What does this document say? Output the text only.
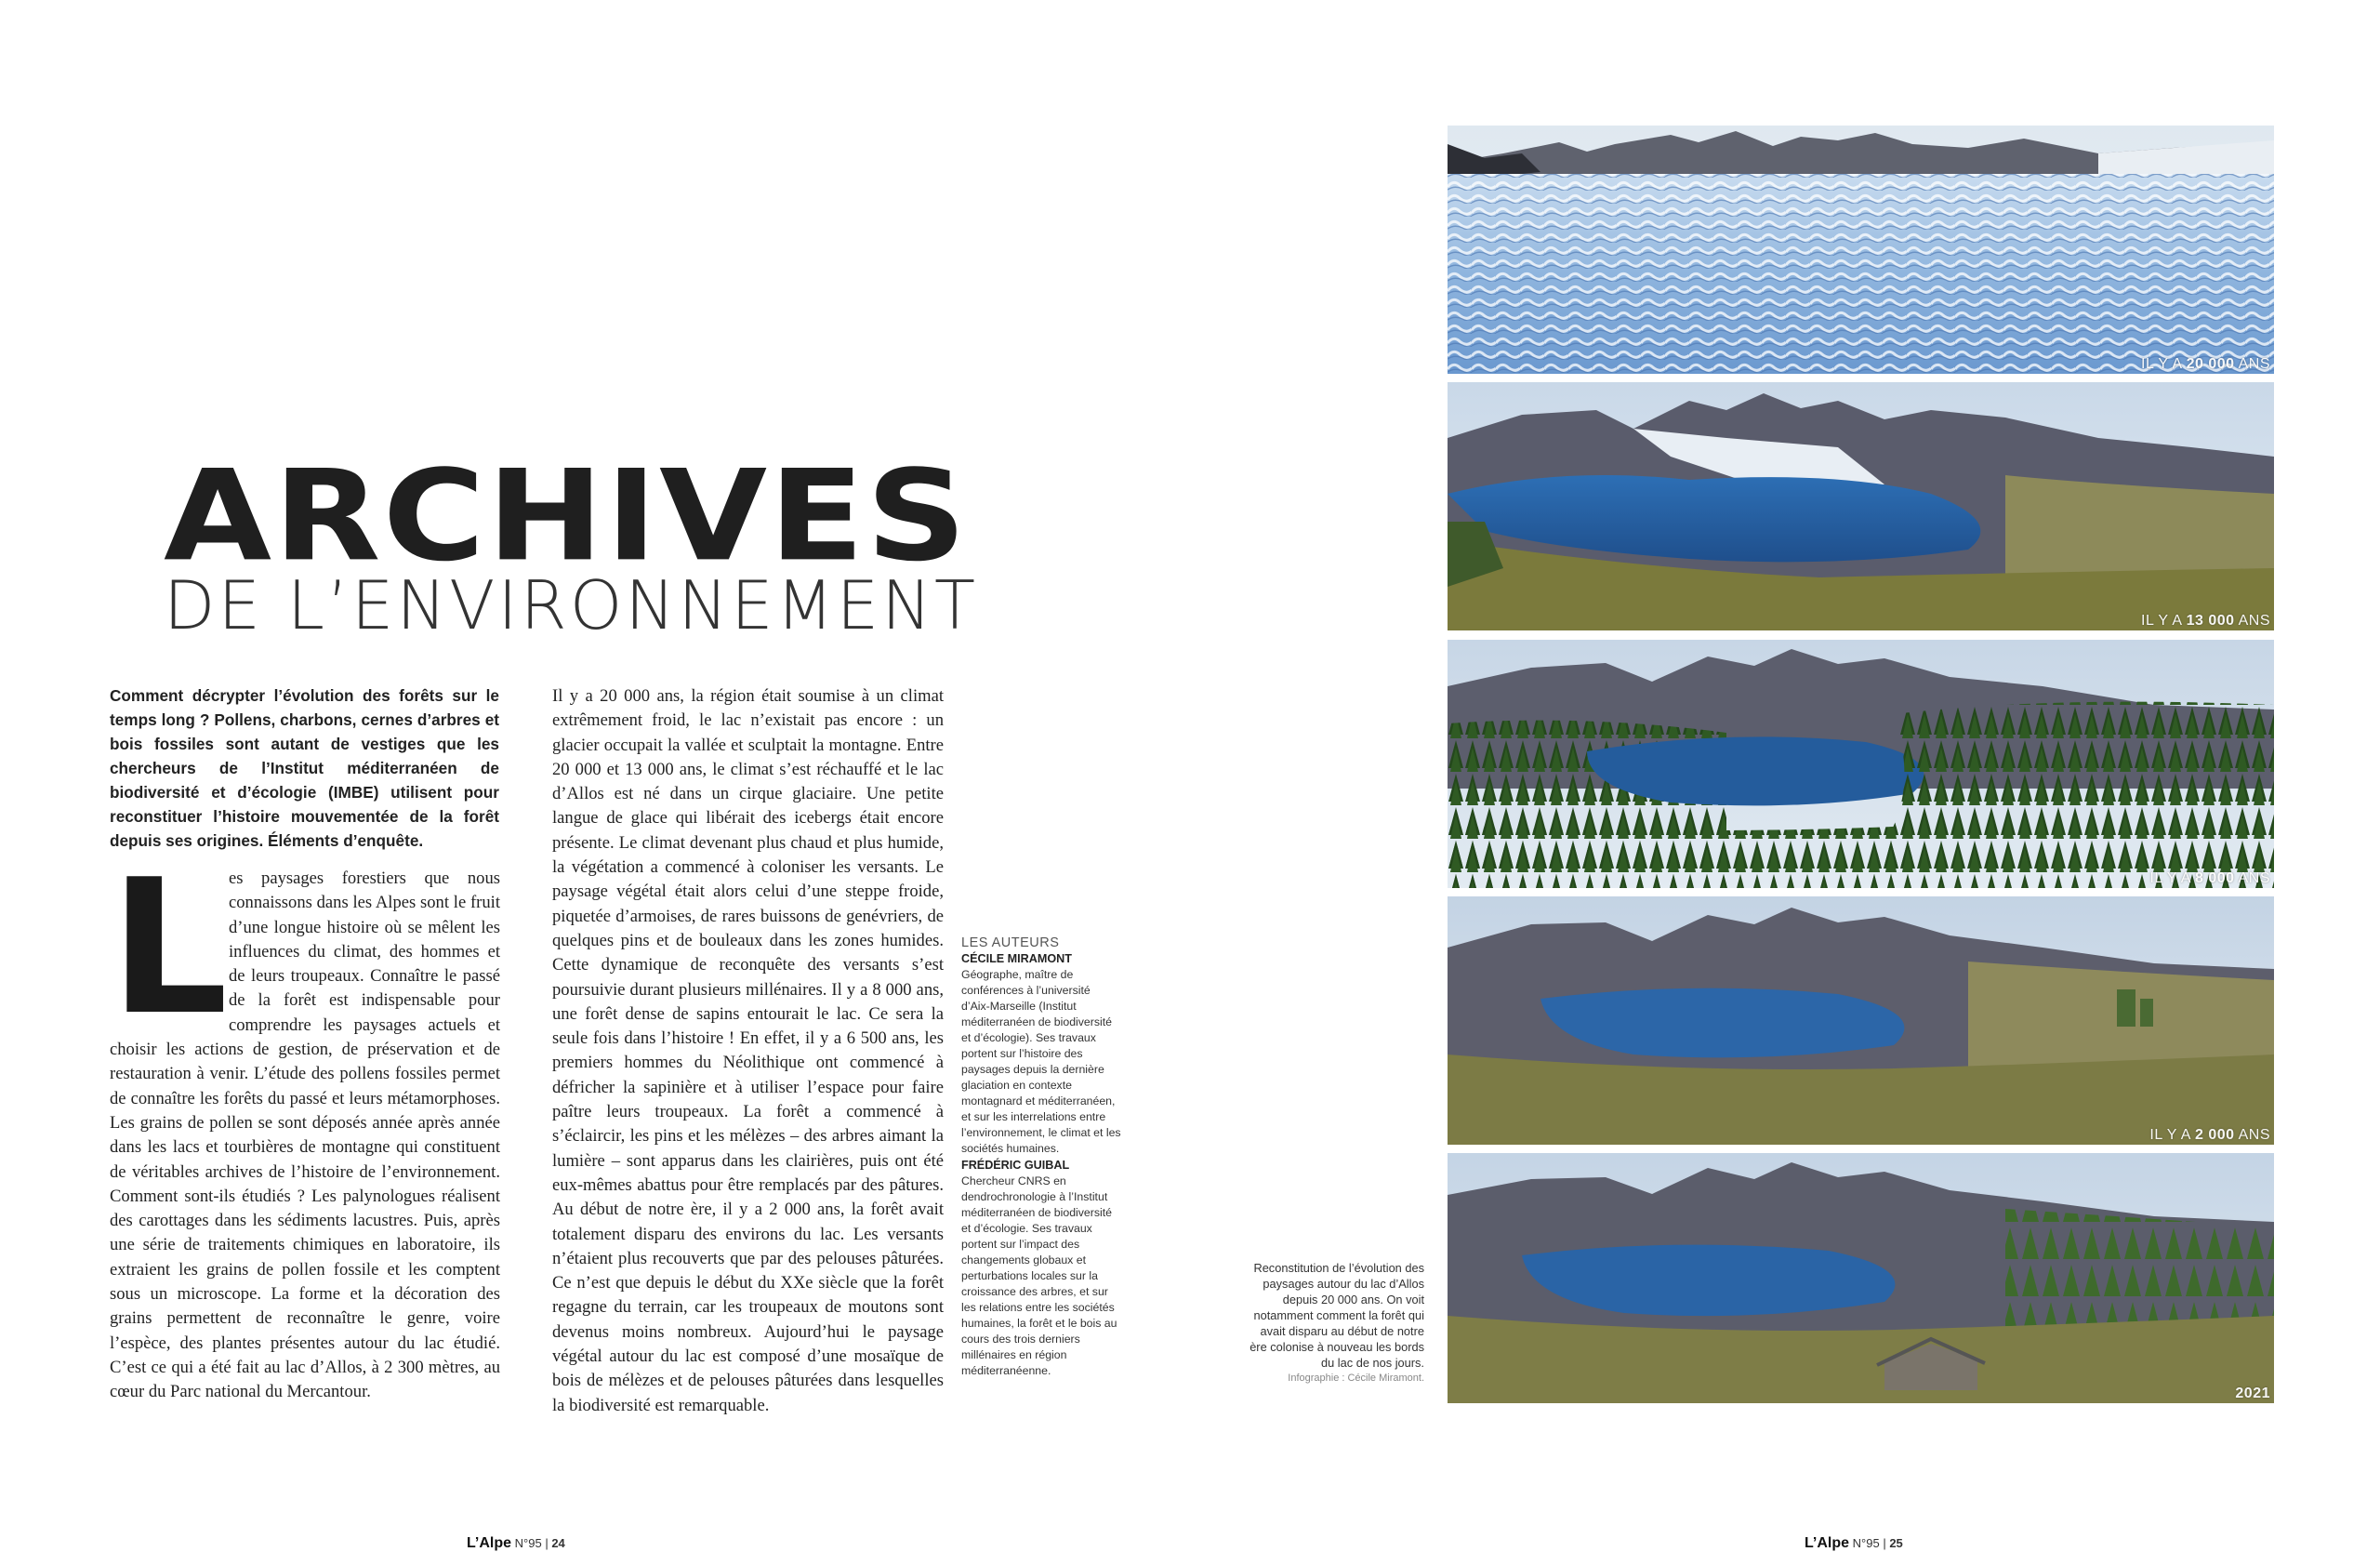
ARCHIVES
DE L’ENVIRONNEMENT
Comment décrypter l’évolution des forêts sur le temps long ? Pollens, charbons, cernes d’arbres et bois fossiles sont autant de vestiges que les chercheurs de l’Institut méditerranéen de biodiversité et d’écologie (IMBE) utilisent pour reconstituer l’histoire mouvementée de la forêt depuis ses origines. Éléments d’enquête.
Les paysages forestiers que nous connaissons dans les Alpes sont le fruit d’une longue histoire où se mêlent les influences du climat, des hommes et de leurs troupeaux. Connaître le passé de la forêt est indispensable pour comprendre les paysages actuels et choisir les actions de gestion, de préservation et de restauration à venir. L’étude des pollens fossiles permet de connaître les forêts du passé et leurs métamorphoses. Les grains de pollen se sont déposés année après année dans les lacs et tourbières de montagne qui constituent de véritables archives de l’histoire de l’environnement. Comment sont-ils étudiés ? Les palynologues réalisent des carottages dans les sédiments lacustres. Puis, après une série de traitements chimiques en laboratoire, ils extraient les grains de pollen fossile et les comptent sous un microscope. La forme et la décoration des grains permettent de reconnaître le genre, voire l’espèce, des plantes présentes autour du lac étudié. C’est ce qui a été fait au lac d’Allos, à 2 300 mètres, au cœur du Parc national du Mercantour.
Il y a 20 000 ans, la région était soumise à un climat extrêmement froid, le lac n’existait pas encore : un glacier occupait la vallée et sculptait la montagne. Entre 20 000 et 13 000 ans, le climat s’est réchauffé et le lac d’Allos est né dans un cirque glaciaire. Une petite langue de glace qui libérait des icebergs était encore présente. Le climat devenant plus chaud et plus humide, la végétation a commencé à coloniser les versants. Le paysage végétal était alors celui d’une steppe froide, piquetée d’armoises, de rares buissons de genévriers, de quelques pins et de bouleaux dans les zones humides. Cette dynamique de reconquête des versants s’est poursuivie durant plusieurs millénaires. Il y a 8 000 ans, une forêt dense de sapins entourait le lac. Ce sera la seule fois dans l’histoire ! En effet, il y a 6 500 ans, les premiers hommes du Néolithique ont commencé à défricher la sapinière et à utiliser l’espace pour faire paître leurs troupeaux. La forêt a commencé à s’éclaircir, les pins et les mélèzes – des arbres aimant la lumière – sont apparus dans les clairières, puis ont été eux-mêmes abattus pour être remplacés par des pâtures. Au début de notre ère, il y a 2 000 ans, la forêt avait totalement disparu des environs du lac. Les versants n’étaient plus recouverts que par des pelouses pâturées. Ce n’est que depuis le début du XXe siècle que la forêt regagne du terrain, car les troupeaux de moutons sont devenus moins nombreux. Aujourd’hui le paysage végétal autour du lac est composé d’une mosaïque de bois de mélèzes et de pelouses pâturées dans lesquelles la biodiversité est remarquable.
LES AUTEURS
CÉCILE MIRAMONT
Géographe, maître de conférences à l’université d’Aix-Marseille (Institut méditerranéen de biodiversité et d’écologie). Ses travaux portent sur l’histoire des paysages depuis la dernière glaciation en contexte montagnard et méditerranéen, et sur les interrelations entre l’environnement, le climat et les sociétés humaines.
FRÉDÉRIC GUIBAL
Chercheur CNRS en dendrochronologie à l’Institut méditerranéen de biodiversité et d’écologie. Ses travaux portent sur l’impact des changements globaux et perturbations locales sur la croissance des arbres, et sur les relations entre les sociétés humaines, la forêt et le bois au cours des trois derniers millénaires en région méditerranéenne.
L’Alpe N°95 | 24
Reconstitution de l’évolution des paysages autour du lac d’Allos depuis 20 000 ans. On voit notamment comment la forêt qui avait disparu au début de notre ère colonise à nouveau les bords du lac de nos jours.
Infographie : Cécile Miramont.
IL Y A 20 000 ANS
IL Y A 13 000 ANS
IL Y A 8 000 ANS
IL Y A 2 000 ANS
2021
L’Alpe N°95 | 25
